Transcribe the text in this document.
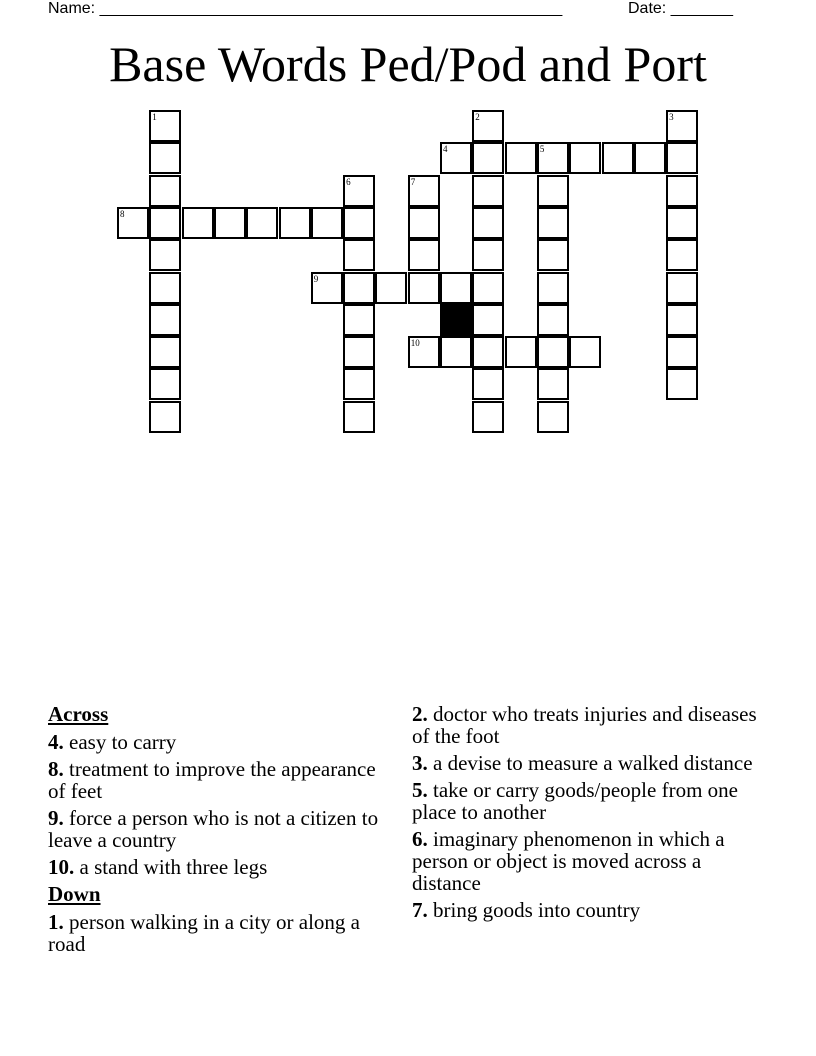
Name: ____________________________________________________	Date: _______
Base Words Ped/Pod and Port
1	2	3
4	5
6	7
8
9
10
Across
4. easy to carry
8. treatment to improve the appearance of feet
9. force a person who is not a citizen to leave a country
10. a stand with three legs
Down
1. person walking in a city or along a road
2. doctor who treats injuries and diseases of the foot
3. a devise to measure a walked distance
5. take or carry goods/people from one place to another
6. imaginary phenomenon in which a person or object is moved across a distance
7. bring goods into country
